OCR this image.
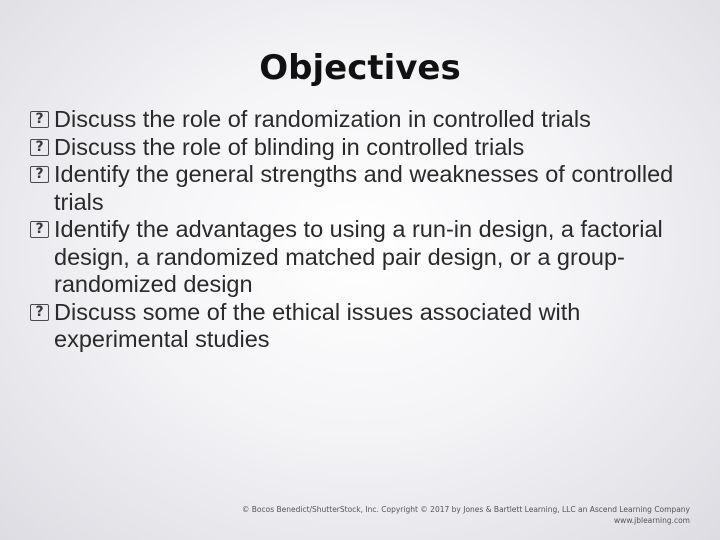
Objectives
? Discuss the role of randomization in controlled trials
? Discuss the role of blinding in controlled trials
? Identify the general strengths and weaknesses of controlled trials
? Identify the advantages to using a run-in design, a factorial design, a randomized matched pair design, or a group-randomized design
? Discuss some of the ethical issues associated with experimental studies
© Bocos Benedict/ShutterStock, Inc. Copyright © 2017 by Jones & Bartlett Learning, LLC an Ascend Learning Company
www.jblearning.com
